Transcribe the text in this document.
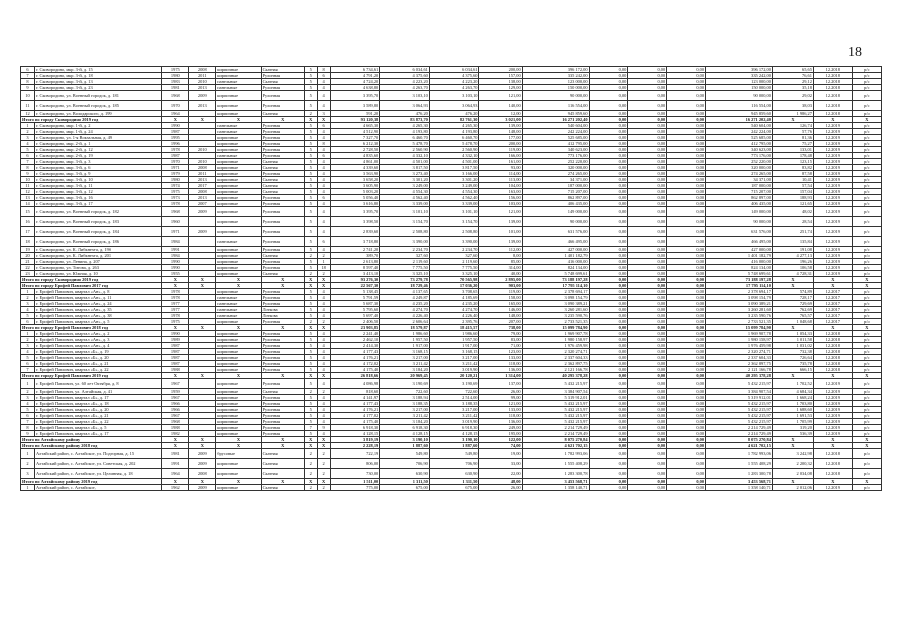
18
6	г. Сковородино, мкр. 3-й, д. 15	1975	2008	кирпичные	Скатная	5	8	6 734,61	6 034,61	6 034,61	200,00	396 172,00	0,00	0,00	0,00	396 172,00	65,65	12.2018	р/с
7	г. Сковородино, мкр. 3-й, д. 18	1980	2011	кирпичные	Рулонная	5	6	4 791,20	4 375,60	4 375,60	157,00	335 242,00	0,00	0,00	0,00	335 242,00	76,61	12.2018	р/с
8	г. Сковородино, мкр. 3-й, д. 13	1983	2010	панельные	Скатная	5	4	4 724,20	4 223,20	4 223,20	138,00	123 000,00	0,00	0,00	0,00	123 000,00	29,12	12.2018	р/с
9	г. Сковородино, мкр. 3-й, д. 23	1981	2013	панельные	Рулонная	5	4	4 638,80	4 263,70	4 263,70	129,00	150 000,00	0,00	0,00	0,00	150 000,00	35,18	12.2018	р/с
10	г. Сковородино, ул. Военный городок, д. 181	1968	2009	кирпичные	Рулонная	5	4	3 395,70	3 103,10	3 103,10	121,00	90 000,00	0,00	0,00	0,00	90 000,00	29,02	12.2018	р/с
11	г. Сковородино, ул. Военный городок, д. 185	1970	2013	кирпичные	Рулонная	5	4	3 589,80	3 064,93	3 064,93	140,00	116 554,00	0,00	0,00	0,00	116 554,00	38,03	12.2018	р/с
12	г. Сковородино, ул. Володарского, д. 199	1964		кирпичные	Скатная	2	3	591,20	476,20	476,20	12,00	945 859,60	0,00	0,00	0,00	945 859,60	1 986,27	12.2018	р/о
Итого по городу Сковородино 2019 год		X	X	X	X	X	X	93 120,38	83 873,70	82 761,30	3 021,00	16 271 202,40	0,00	0,00	0,00	16 271 202,40	X	X	X
1	г. Сковородино, мкр. 1-й, д. 2	1990		панельные	Рулонная	5	6	4 665,30	4 265,30	4 265,30	139,00	540 604,00	0,00	0,00	0,00	540 604,00	126,74	12.2019	р/с
2	г. Сковородино, мкр. 1-й, д. 24	1987		панельные	Рулонная	5	4	4 512,90	4 193,80	4 193,80	148,00	242 224,00	0,00	0,00	0,00	242 224,00	57,76	12.2019	р/с
3	г. Сковородино, ул. 1-я Вокзальная, д. 49	1995		кирпичные	Рулонная	5	4	7 327,70	6 460,70	6 460,70	177,00	525 685,00	0,00	0,00	0,00	525 685,00	81,36	12.2019	р/с
4	г. Сковородино, мкр. 2-й, д. 1	1996		кирпичные	Рулонная	5	8	6 212,30	5 478,70	5 478,70	200,00	412 795,00	0,00	0,00	0,00	412 795,00	75,27	12.2019	р/с
5	г. Сковородино, мкр. 2-й, д. 12	1978	2010	кирпичные	Рулонная	5	4	2 728,50	2 560,90	2 560,90	119,00	340 623,00	0,00	0,00	0,00	340 623,00	133,01	12.2019	р/с
6	г. Сковородино, мкр. 2-й, д. 19	1987		панельные	Рулонная	5	6	4 835,60	4 332,10	4 332,10	166,00	773 176,00	0,00	0,00	0,00	773 176,00	178,48	12.2019	р/с
7	г. Сковородино, мкр. 3-й, д. 3	1970	2010	кирпичные	Скатная	5	4	4 861,00	4 501,00	4 501,00	161,00	252 220,00	0,00	0,00	0,00	252 220,00	123,15	12.2019	р/с
8	г. Сковородино, мкр. 3-й, д. 6	1971	2008	кирпичные	Скатная	5	4	4 339,60	3 817,50	3 817,50	93,00	320 000,00	0,00	0,00	0,00	320 000,00	83,82	12.2019	р/с
9	г. Сковородино, мкр. 3-й, д. 9	1979	2011	кирпичные	Рулонная	5	4	3 563,90	3 273,40	3 166,00	114,00	274 265,00	0,00	0,00	0,00	274 265,00	87,58	12.2019	р/с
10	г. Сковородино, мкр. 3-й, д. 10	1980	2013	кирпичные	Скатная	5	4	3 658,20	3 301,20	3 301,20	113,00	34 371,00	0,00	0,00	0,00	34 371,00	10,41	12.2019	р/с
11	г. Сковородино, мкр. 3-й, д. 11	1974	2017	кирпичные	Скатная	5	4	3 605,90	3 249,00	3 249,00	104,00	187 000,00	0,00	0,00	0,00	187 000,00	57,54	12.2019	р/с
12	г. Сковородино, мкр. 3-й, д. 12	1975	2008	кирпичные	Скатная	5	4	5 003,20	4 554,30	4 554,30	163,00	715 207,00	0,00	0,00	0,00	715 207,00	157,04	12.2019	р/с
13	г. Сковородино, мкр. 3-й, д. 16	1973	2013	кирпичные	Рулонная	5	6	5 056,40	4 562,40	4 562,40	156,00	862 897,00	0,00	0,00	0,00	862 897,00	188,93	12.2019	р/с
14	г. Сковородино, мкр. 3-й, д. 17	1978	2007	кирпичные	Рулонная	5	4	3 616,80	3 339,00	3 339,00	103,00	406 435,00	0,00	0,00	0,00	406 435,00	121,65	12.2019	р/с
15	г. Сковородино, ул. Военный городок, д. 182	1968	2009	кирпичные	Рулонная	5	4	3 395,70	3 101,10	3 101,10	121,00	149 000,00	0,00	0,00	0,00	149 000,00	48,02	12.2019	р/с
16	г. Сковородино, ул. Военный городок, д. 183	1960		кирпичные	Рулонная	5	4	3 398,50	3 154,70	3 154,70	139,00	90 000,00	0,00	0,00	0,00	90 000,00	28,54	12.2019	р/с
17	г. Сковородино, ул. Военный городок, д. 184	1971	2009	кирпичные	Рулонная	5	4	2 839,60	2 508,80	2 508,80	101,00	631 576,00	0,00	0,00	0,00	631 576,00	251,74	12.2019	р/с
18	г. Сковородино, ул. Военный городок, д. 186	1984		панельные	Рулонная	5	6	3 718,80	3 390,00	3 390,00	139,00	466 495,00	0,00	0,00	0,00	466 495,00	135,84	12.2019	р/с
19	г. Сковородино, ул. К. Либкнехта, д. 19б	1991		кирпичные	Рулонная	5	4	2 741,20	2 234,70	2 234,70	112,00	427 000,00	0,00	0,00	0,00	427 000,00	191,08	12.2019	р/с
20	г. Сковородино, ул. К. Либкнехта, д. 201	1984		кирпичные	Скатная	2	2	389,70	327,60	327,60	8,00	1 401 182,79	0,00	0,00	0,00	1 401 182,79	4 277,13	12.2019	р/о
21	г. Сковородино, ул. Ленина, д. 207	1990		кирпичные	Рулонная	5	1	2 613,80	2 119,60	2 119,60	85,00	416 000,00	0,00	0,00	0,00	416 000,00	196,26	12.2019	р/с
22	г. Сковородино, ул. Титова, д. 263	1990		кирпичные	Рулонная	5	18	8 597,40	7 775,50	7 775,50	314,00	824 134,00	0,00	0,00	0,00	824 134,00	106,58	12.2019	р/с
23	г. Сковородино, ул. Южная, д. 10	1955		кирпичные	Скатная	2	2	3 413,10	3 325,10	3 325,10	40,00	5 748 699,61	0,00	0,00	0,00	5 748 699,61	4 728,31	12.2019	р/о
Итого по городу Сковородино 2019 год		X	X	X	X	X	X	93 276,30	73 279,78	70 565,98	2 895,00	73 188 197,28	0,00	0,00	0,00	73 188 197,28	X	X	X
Итого по городу Ерофей Павлович 2017 год		X	X	X	X	X	X	22 567,30	18 729,46	17 036,20	903,00	17 795 114,10	0,00	0,00	0,00	17 795 114,10	X	X	X
1	г. Ерофей Павлович, квартал «Ан», д. 8	1978		кирпичные	Рулонная	5	4	5 138,45	4 137,65	3 708,65	119,00	2 378 694,17	0,00	0,00	0,00	2 378 694,17	574,89	12.2017	р/с
2	г. Ерофей Павлович, квартал «Ан», д. 11	1978		панельные	Рулонная	5	4	5 791,59	4 249,87	4 185,69	158,00	3 098 154,79	0,00	0,00	0,00	3 098 154,79	728,17	12.2017	р/с
3	г. Ерофей Павлович, квартал «Ан», д. 24	1977		панельные	Рулонная	5	4	5 687,30	4 235,20	4 235,20	165,00	3 090 389,21	0,00	0,00	0,00	3 090 389,21	729,69	12.2017	р/с
4	г. Ерофей Павлович, квартал «Ан», д. 35	1977		панельные	Лоткова	5	4	5 795,60	4 274,70	4 274,70	146,00	3 260 281,60	0,00	0,00	0,00	3 260 281,60	762,69	12.2017	р/с
5	г. Ерофей Павлович, квартал «Ан», д. 38	1978		панельные	Лоткова	5	4	5 697,40	4 226,40	4 226,40	148,00	3 235 590,76	0,00	0,00	0,00	3 235 590,76	765,57	12.2017	р/с
6	г. Ерофей Павлович, квартал «Ан», д. 5	1975		кирпичные	Рулонная	2	2	2 406,50	2 606,64	2 395,76	207,00	2 733 521,35	0,00	0,00	0,00	2 733 521,35	1 048,68	12.2017	р/о
Итого по городу Ерофей Павлович 2018 год		X	X	X	X	X	X	23 903,85	18 579,87	18 415,57	738,00	15 099 784,90	0,00	0,00	0,00	15 099 784,90	X	X	X
1	г. Ерофей Павлович, квартал «Ан», д. 2	1990		кирпичные	Рулонная	5	4	2 241,40	1 986,60	1 986,60	79,00	1 969 907,78	0,00	0,00	0,00	1 969 907,78	1 054,33	12.2018	р/с
2	г. Ерофей Павлович, квартал «Ан», д. 3	1989		кирпичные	Рулонная	5	4	2 462,10	1 957,50	1 957,50	83,00	1 980 158,97	0,00	0,00	0,00	1 980 158,97	1 011,58	12.2018	р/с
3	г. Ерофей Павлович, квартал «Ан», д. 4	1987		кирпичные	Рулонная	5	4	2 414,30	1 917,00	1 917,00	71,00	1 976 459,98	0,00	0,00	0,00	1 976 459,98	1 031,02	12.2018	р/с
4	г. Ерофей Павлович, квартал «Б», д. 19	1987		кирпичные	Рулонная	5	4	4 177,43	3 168,15	3 168,15	123,00	2 320 274,71	0,00	0,00	0,00	2 320 274,71	732,38	12.2018	р/с
5	г. Ерофей Павлович, квартал «Б», д. 20	1987		кирпичные	Рулонная	5	4	4 176,21	3 217,00	3 217,00	133,00	2 337 604,33	0,00	0,00	0,00	2 337 604,33	726,64	12.2018	р/с
6	г. Ерофей Павлович, квартал «Б», д. 21	1987		кирпичные	Рулонная	5	4	4 172,02	3 211,42	3 211,42	118,00	2 362 897,75	0,00	0,00	0,00	2 362 897,75	735,78	12.2018	р/с
7	г. Ерофей Павлович, квартал «Б», д. 22	1988		кирпичные	Рулонная	5	4	4 175,40	3 184,20	3 019,90	136,00	2 121 166,78	0,00	0,00	0,00	2 121 166,78	666,15	12.2018	р/с
Итого по городу Ерофей Павлович 2019 год		X	X	X	X	X	X	26 818,66	20 969,45	20 120,21	1 314,00	40 295 378,28	0,00	0,00	0,00	40 295 378,28	X	X	X
1	г. Ерофей Павлович, ул. 60 лет Октября, д. 8	1967		кирпичные	Рулонная	5	4	4 086,98	3 190,69	3 190,69	137,00	5 432 215,97	0,00	0,00	0,00	5 432 215,97	1 702,52	12.2019	р/с
2	г. Ерофей Павлович, ул. Алтайская, д. 41	1959		кирпичные	Скатная	2	2	818,60	722,60	722,60	26,00	3 384 907,54	0,00	0,00	0,00	3 384 907,54	4 684,34	12.2019	р/о
3	г. Ерофей Павлович, квартал «Б», д. 17	1967		кирпичные	Рулонная	5	4	4 141,97	3 188,94	2 514,00	99,00	5 319 912,01	0,00	0,00	0,00	5 319 912,01	1 668,24	12.2019	р/с
4	г. Ерофей Павлович, квартал «Б», д. 18	1966		кирпичные	Рулонная	5	4	4 177,43	3 188,35	3 188,35	121,00	5 432 215,97	0,00	0,00	0,00	5 432 215,97	1 703,80	12.2019	р/с
5	г. Ерофей Павлович, квартал «Б», д. 20	1966		кирпичные	Рулонная	5	4	4 176,21	3 217,00	3 217,00	133,00	5 432 215,97	0,00	0,00	0,00	5 432 215,97	1 688,60	12.2019	р/с
6	г. Ерофей Павлович, квартал «Б», д. 21	1967		кирпичные	Рулонная	5	4	4 177,02	3 211,42	3 211,42	118,00	5 432 215,97	0,00	0,00	0,00	5 432 215,97	1 691,53	12.2019	р/с
7	г. Ерофей Павлович, квартал «Б», д. 22	1968		кирпичные	Рулонная	5	4	4 175,40	3 184,20	3 019,90	136,00	5 432 215,97	0,00	0,00	0,00	5 432 215,97	1 705,99	12.2019	р/с
8	г. Ерофей Павлович, квартал «Б», д. 5	1988		кирпичные	Рулонная	7	9	6 918,30	6 918,30	6 918,30	249,00	2 214 729,49	0,00	0,00	0,00	2 214 729,49	319,20	12.2019	р/с
9	г. Ерофей Павлович, квартал «Б», д. 17	1982		кирпичные	Рулонная	5	4	4 128,15	4 128,15	4 128,15	195,00	2 214 729,49	0,00	0,00	0,00	2 214 729,49	536,39	12.2019	р/с
Итого по Алтайскому району		X	X	X	X	X	X	3 819,19	3 190,10	3 190,10	122,00	8 075 270,84	0,00	0,00	0,00	8 075 270,84	X	X	X
Итого по Алтайскому району 2018 год		X	X	X	X	X	X	2 228,19	1 887,60	1 887,60	74,00	4 621 702,15	0,00	0,00	0,00	4 621 702,15	X	X	X
1	Алтайский район, с. Алтайское, ул. Подгорная, д. 15	1981	2009	брусовые	Скатная	2	2	722,19	549,80	549,80	19,00	1 782 993,06	0,00	0,00	0,00	1 782 993,06	3 242,98	12.2018	р/о
2	Алтайский район, с. Алтайское, ул. Советская, д. 202	1991	2009	кирпичные	Скатная	2	2	806,00	706,90	706,90	33,00	1 555 408,29	0,00	0,00	0,00	1 555 408,29	2 200,32	12.2018	р/о
3	Алтайский район, с. Алтайское, ул. Целинная, д. 18	1964	2008	кирпичные	Скатная	2	2	730,00	630,90	630,90	22,00	1 283 300,78	0,00	0,00	0,00	1 283 300,78	2 034,08	12.2018	р/о
Итого по Алтайскому району 2019 год		X	X	X	X	X	X	1 511,00	1 311,50	1 311,50	48,00	3 453 568,71	0,00	0,00	0,00	3 453 568,71	X	X	X
1	Алтайский район, с. Алтайское,	1962	2009	кирпичные	Скатная	2	2	775,00	675,00	675,00	26,00	1 358 140,71	0,00	0,00	0,00	1 358 140,71	2 012,06	12.2019	р/о
